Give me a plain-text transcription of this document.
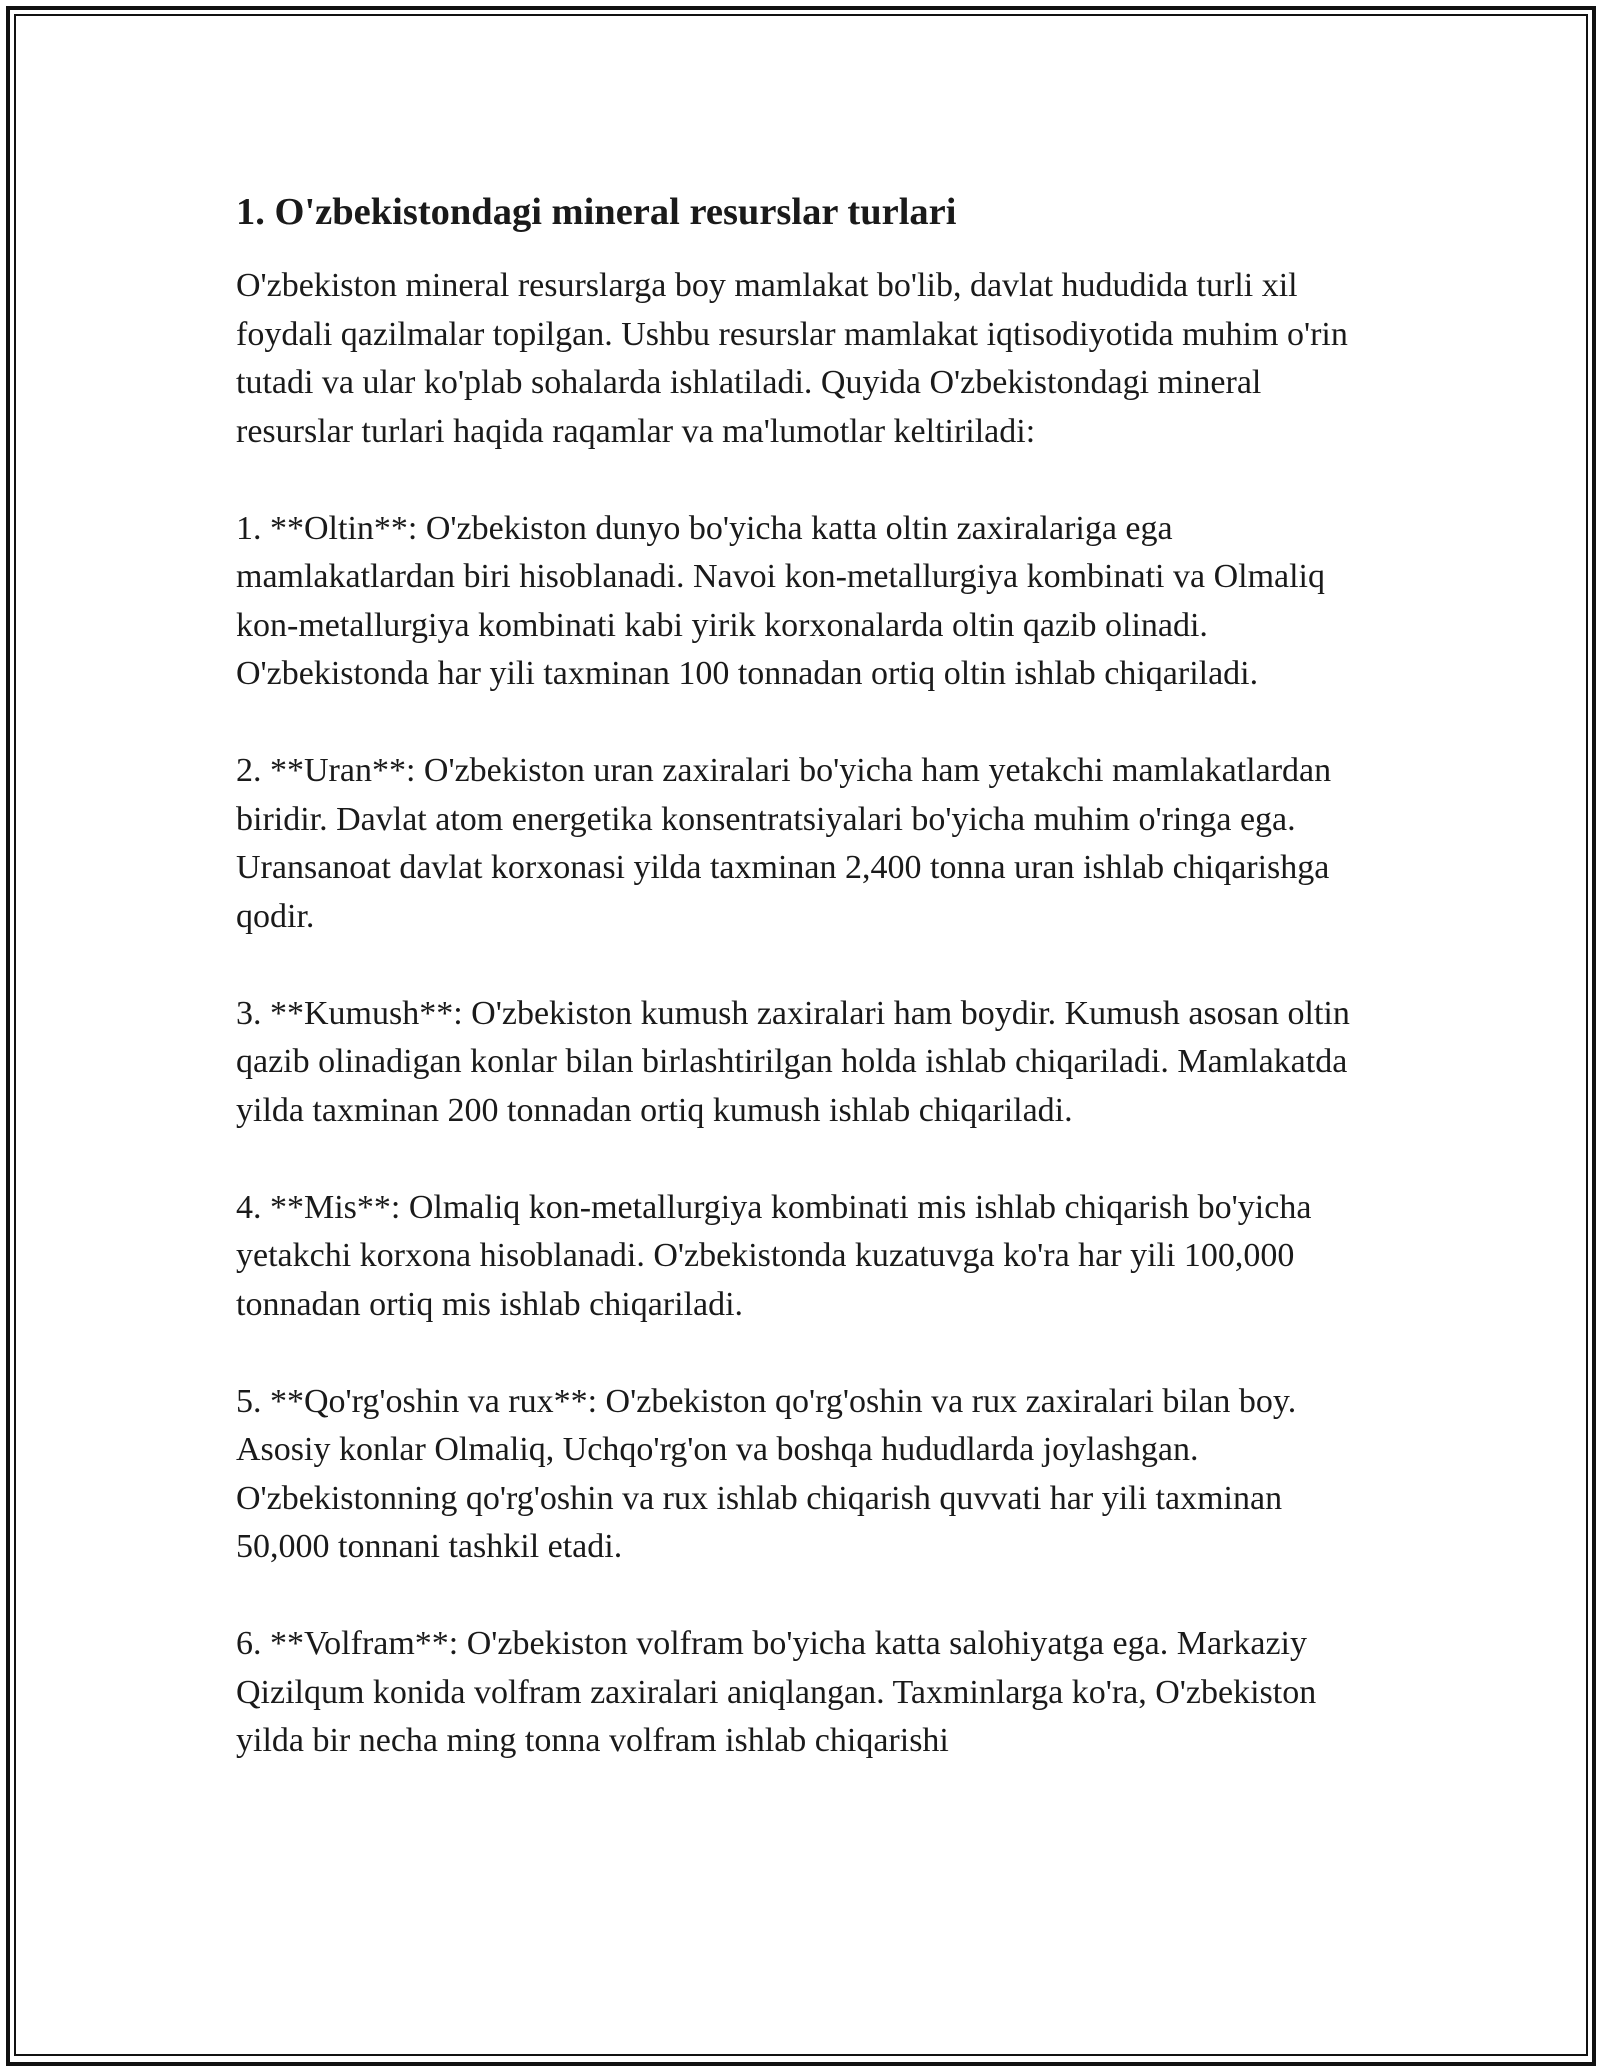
1. O'zbekistondagi mineral resurslar turlari

O'zbekiston mineral resurslarga boy mamlakat bo'lib, davlat hududida turli xil foydali qazilmalar topilgan. Ushbu resurslar mamlakat iqtisodiyotida muhim o'rin tutadi va ular ko'plab sohalarda ishlatiladi. Quyida O'zbekistondagi mineral resurslar turlari haqida raqamlar va ma'lumotlar keltiriladi:

1. **Oltin**: O'zbekiston dunyo bo'yicha katta oltin zaxiralariga ega mamlakatlardan biri hisoblanadi. Navoi kon-metallurgiya kombinati va Olmaliq kon-metallurgiya kombinati kabi yirik korxonalarda oltin qazib olinadi. O'zbekistonda har yili taxminan 100 tonnadan ortiq oltin ishlab chiqariladi.

2. **Uran**: O'zbekiston uran zaxiralari bo'yicha ham yetakchi mamlakatlardan biridir. Davlat atom energetika konsentratsiyalari bo'yicha muhim o'ringa ega. Uransanoat davlat korxonasi yilda taxminan 2,400 tonna uran ishlab chiqarishga qodir.

3. **Kumush**: O'zbekiston kumush zaxiralari ham boydir. Kumush asosan oltin qazib olinadigan konlar bilan birlashtirilgan holda ishlab chiqariladi. Mamlakatda yilda taxminan 200 tonnadan ortiq kumush ishlab chiqariladi.

4. **Mis**: Olmaliq kon-metallurgiya kombinati mis ishlab chiqarish bo'yicha yetakchi korxona hisoblanadi. O'zbekistonda kuzatuvga ko'ra har yili 100,000 tonnadan ortiq mis ishlab chiqariladi.

5. **Qo'rg'oshin va rux**: O'zbekiston qo'rg'oshin va rux zaxiralari bilan boy. Asosiy konlar Olmaliq, Uchqo'rg'on va boshqa hududlarda joylashgan. O'zbekistonning qo'rg'oshin va rux ishlab chiqarish quvvati har yili taxminan 50,000 tonnani tashkil etadi.

6. **Volfram**: O'zbekiston volfram bo'yicha katta salohiyatga ega. Markaziy Qizilqum konida volfram zaxiralari aniqlangan. Taxminlarga ko'ra, O'zbekiston yilda bir necha ming tonna volfram ishlab chiqarishi
